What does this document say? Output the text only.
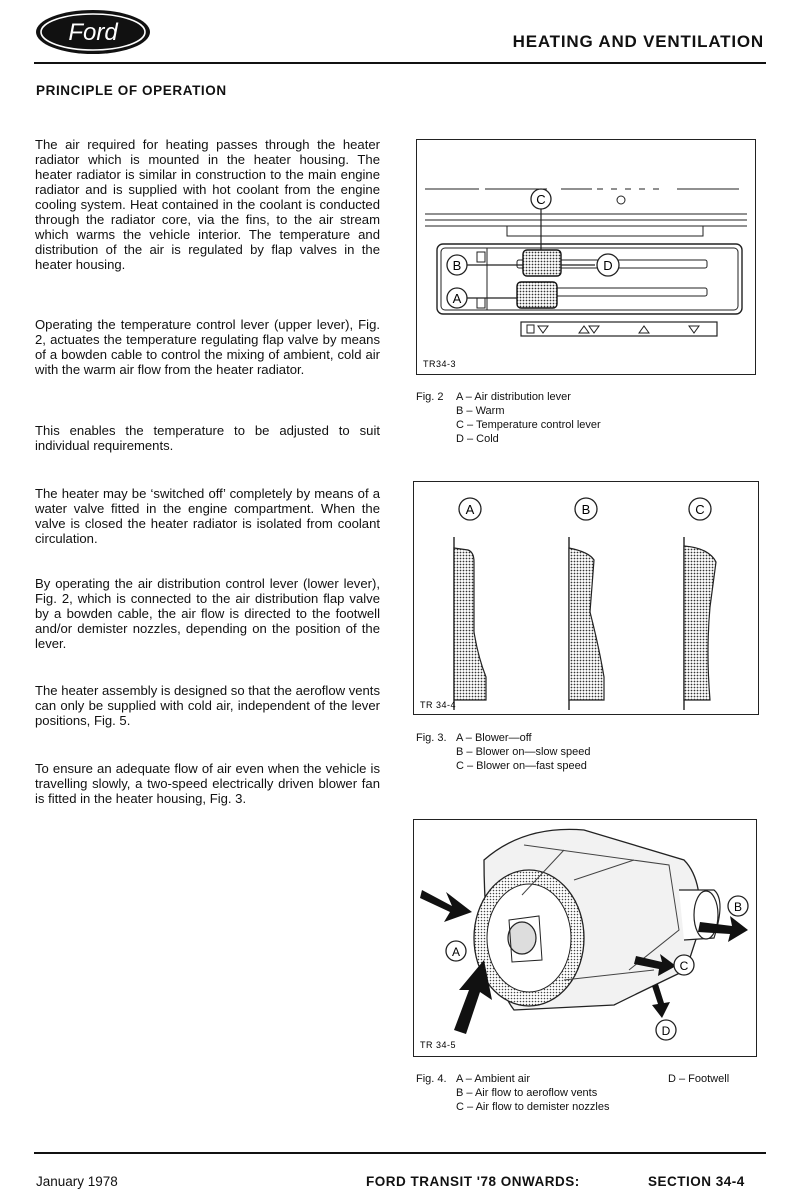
Ford	HEATING AND VENTILATION
PRINCIPLE OF OPERATION

The air required for heating passes through the heater radiator which is mounted in the heater housing. The heater radiator is similar in construction to the main engine radiator and is supplied with hot coolant from the engine cooling system. Heat contained in the coolant is conducted through the radiator core, via the fins, to the air stream which warms the vehicle interior. The temperature and distribution of the air is regulated by flap valves in the heater housing.

Operating the temperature control lever (upper lever), Fig. 2, actuates the temperature regulating flap valve by means of a bowden cable to control the mixing of ambient, cold air with the warm air flow from the heater radiator.

This enables the temperature to be adjusted to suit individual requirements.

The heater may be ‘switched off’ completely by means of a water valve fitted in the engine compartment. When the valve is closed the heater radiator is isolated from coolant circulation.

By operating the air distribution control lever (lower lever), Fig. 2, which is connected to the air distribution flap valve by a bowden cable, the air flow is directed to the footwell and/or demister nozzles, depending on the position of the lever.

The heater assembly is designed so that the aeroflow vents can only be supplied with cold air, independent of the lever positions, Fig. 5.

To ensure an adequate flow of air even when the vehicle is travelling slowly, a two-speed electrically driven blower fan is fitted in the heater housing, Fig. 3.

C
B
A
D
TR34-3
Fig. 2	A – Air distribution lever
B – Warm
C – Temperature control lever
D – Cold
A	B	C
TR 34-4
Fig. 3. A – Blower—off
B – Blower on—slow speed
C – Blower on—fast speed
A
B
C
D
TR 34-5
Fig. 4. A – Ambient air
B – Air flow to aeroflow vents
C – Air flow to demister nozzles
D – Footwell
January 1978	FORD TRANSIT '78 ONWARDS:	SECTION 34-4
